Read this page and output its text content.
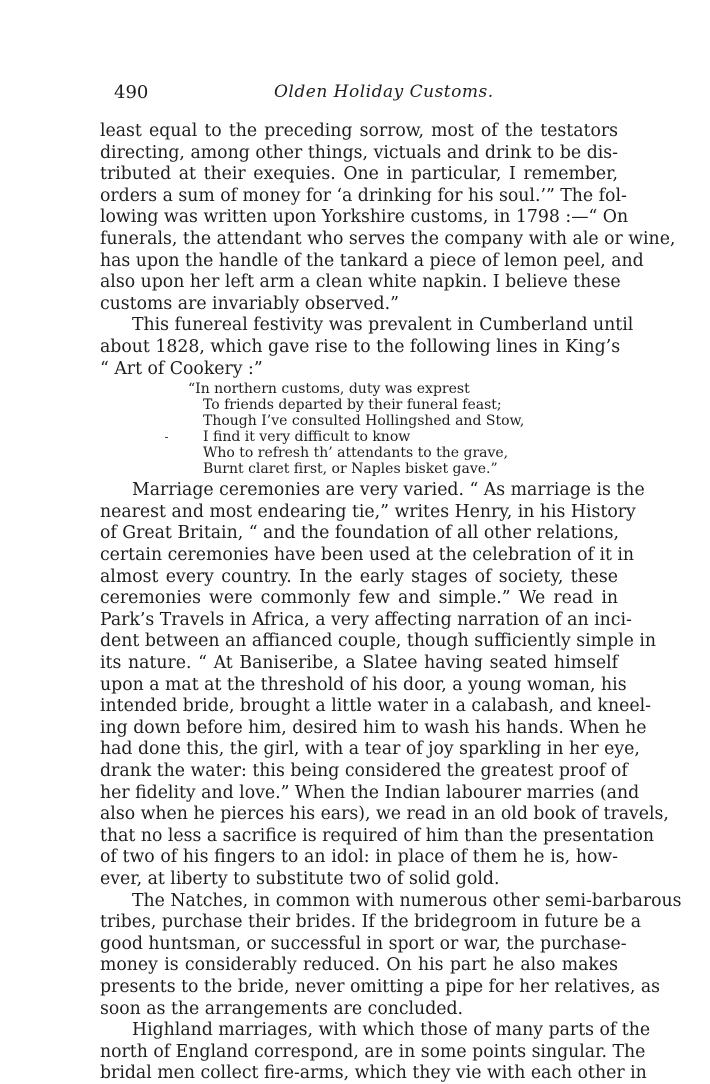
490	Olden Holiday Customs.
least equal to the preceding sorrow, most of the testators
directing, among other things, victuals and drink to be dis-
tributed at their exequies. One in particular, I remember,
orders a sum of money for ‘a drinking for his soul.’” The fol-
lowing was written upon Yorkshire customs, in 1798 :—“ On
funerals, the attendant who serves the company with ale or wine,
has upon the handle of the tankard a piece of lemon peel, and
also upon her left arm a clean white napkin. I believe these
customs are invariably observed.”
This funereal festivity was prevalent in Cumberland until
about 1828, which gave rise to the following lines in King’s
“ Art of Cookery :”
“In northern customs, duty was exprest
To friends departed by their funeral feast;
Though I’ve consulted Hollingshed and Stow,
I find it very difficult to know
Who to refresh th’ attendants to the grave,
Burnt claret first, or Naples bisket gave.”
Marriage ceremonies are very varied. “ As marriage is the
nearest and most endearing tie,” writes Henry, in his History
of Great Britain, “ and the foundation of all other relations,
certain ceremonies have been used at the celebration of it in
almost every country. In the early stages of society, these
ceremonies were commonly few and simple.” We read in
Park’s Travels in Africa, a very affecting narration of an inci-
dent between an affianced couple, though sufficiently simple in
its nature. “ At Baniseribe, a Slatee having seated himself
upon a mat at the threshold of his door, a young woman, his
intended bride, brought a little water in a calabash, and kneel-
ing down before him, desired him to wash his hands. When he
had done this, the girl, with a tear of joy sparkling in her eye,
drank the water: this being considered the greatest proof of
her fidelity and love.” When the Indian labourer marries (and
also when he pierces his ears), we read in an old book of travels,
that no less a sacrifice is required of him than the presentation
of two of his fingers to an idol: in place of them he is, how-
ever, at liberty to substitute two of solid gold.
The Natches, in common with numerous other semi-barbarous
tribes, purchase their brides. If the bridegroom in future be a
good huntsman, or successful in sport or war, the purchase-
money is considerably reduced. On his part he also makes
presents to the bride, never omitting a pipe for her relatives, as
soon as the arrangements are concluded.
Highland marriages, with which those of many parts of the
north of England correspond, are in some points singular. The
bridal men collect fire-arms, which they vie with each other in
